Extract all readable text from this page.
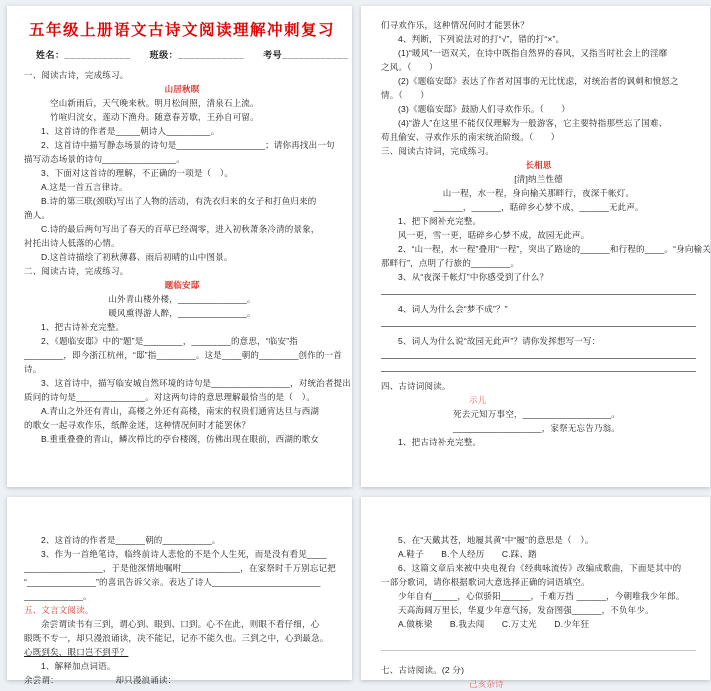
五年级上册语文古诗文阅读理解冲刺复习
姓名：____________　　班级：____________　　考号____________
一、阅读古诗，完成练习。
山居秋暝
空山新雨后，天气晚来秋。明月松间照，清泉石上流。
竹喧归浣女，莲动下渔舟。随意春芳歇，王孙自可留。
1、这首诗的作者是_____朝诗人_________。
2、这首诗中描写静态场景的诗句是__________________；请你再找出一句
描写动态场景的诗句_______________。
3、下面对这首诗的理解，不正确的一项是（　）。
A.这是一首五言律诗。
B.诗的第三联(颈联)写出了人物的活动，有洗衣归来的女子和打鱼归来的
渔人。
C.诗的最后两句写出了春天的百草已经凋零，进入初秋萧条冷清的景象，
衬托出诗人低落的心情。
D.这首诗描绘了初秋薄暮、雨后初晴的山中图景。
二、阅读古诗，完成练习。
题临安邸
山外青山楼外楼，______________。
暖风熏得游人醉，______________。
1、把古诗补充完整。
2、《题临安邸》中的“题”是________，________的意思，“临安”指
________，即今浙江杭州，“邸”指________。这是____朝的________创作的一首
诗。
3、这首诗中，描写临安城自然环境的诗句是________________，对统治者提出
质问的诗句是______________。对这两句诗的意思理解最恰当的是（　）。
A.青山之外还有青山，高楼之外还有高楼，南宋的权贵们通宵达旦与西湖
的歌女一起寻欢作乐，纸醉金迷，这种情况何时才能罢休？
B.重重叠叠的青山，鳞次栉比的亭台楼阁，仿佛出现在眼前，西湖的歌女
们寻欢作乐，这种情况何时才能罢休？
4、判断，下列说法对的打“√”，错的打“×”。
(1)“暖风”一语双关，在诗中既指自然界的春风，又指当时社会上的淫靡
之风。（　　）
(2)《题临安邸》表达了作者对国事的无比忧虑，对统治者的讽刺和愤怒之
情。（　　）
(3)《题临安邸》鼓励人们寻欢作乐。（　　）
(4)“游人”在这里不能仅仅理解为一般游客，它主要特指那些忘了国难、
苟且偷安、寻欢作乐的南宋统治阶级。（　　）
三、阅读古诗词，完成练习。
长相思
[清]纳兰性德
山一程，水一程，身向榆关那畔行，夜深千帐灯。
______，______，聒碎乡心梦不成，______无此声。
1、把下阕补充完整。
风一更，雪一更，聒碎乡心梦不成，故园无此声。
2、“山一程，水一程”叠用“一程”，突出了路途的______和行程的____。“身向榆关
那畔行”，点明了行旅的________。
3、从“夜深千帐灯”中你感受到了什么？
4、词人为什么会“梦不成”？”
5、词人为什么说“故园无此声”？请你发挥想写一写：
四、古诗词阅读。
示儿
死去元知万事空，__________________。
__________________，家祭无忘告乃翁。
1、把古诗补充完整。
2、这首诗的作者是______朝的__________。
3、作为一首绝笔诗，临终前诗人悲怆的不是个人生死，而是没有看见____
________________，于是他深情地嘱咐____________，在家祭时千万别忘记把
“______________”的喜讯告诉父亲。表达了诗人______________________
____________。
五、文言文阅读。
余尝谓读书有三到，谓心到、眼到、口到。心不在此，则眼不看仔细，心
眼既不专一，却只漫浪诵读，决不能记，记亦不能久也。三到之中，心到最急。
心既到矣，眼口岂不到乎？
1、解释加点词语。
余尝谓：　　　　　　　却只漫浪诵读：
5、在“天戴其苍，地履其黄”中“履”的意思是（　）。
A.鞋子　　B.个人经历　　C.踩、踏
6、这篇文章后来被中央电视台《经典咏流传》改编成歌曲，下面是其中的
一部分歌词，请你根据歌词大意选择正确的词语填空。
少年自有_____，心似骄阳______，千难万挡 ______，今朝唯我少年郎。
天高海阔万里长，华夏少年意气扬，发奋图强______，不负年少。
A.做栋梁　　B.我去闯　　C.万丈光　　D.少年狂
七、古诗阅读。(2 分)
己亥杂诗
